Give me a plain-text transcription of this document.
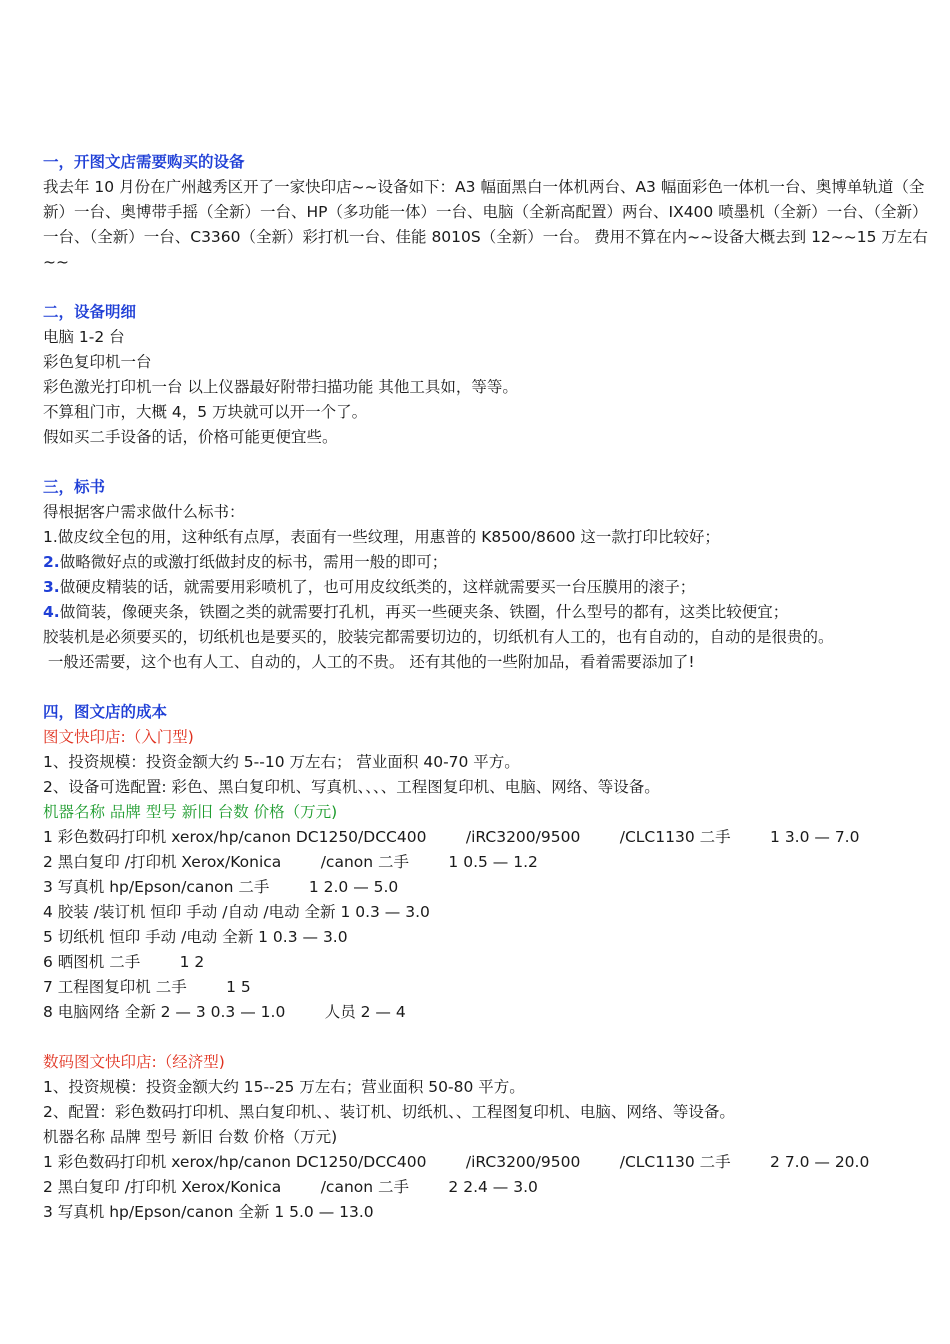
一，开图文店需要购买的设备

我去年 10 月份在广州越秀区开了一家快印店~~设备如下：A3 幅面黑白一体机两台、A3 幅面彩色一体机一台、奥博单轨道（全新）一台、奥博带手摇（全新）一台、HP（多功能一体）一台、电脑（全新高配置）两台、IX400 喷墨机（全新）一台、（全新）一台、（全新）一台、C3360（全新）彩打机一台、佳能 8010S（全新）一台。 费用不算在内~~设备大概去到 12~~15 万左右~~

二，设备明细

电脑 1-2 台

彩色复印机一台

彩色激光打印机一台 以上仪器最好附带扫描功能 其他工具如，等等。

不算租门市，大概 4，5 万块就可以开一个了。

假如买二手设备的话，价格可能更便宜些。

三，标书

得根据客户需求做什么标书：

1.做皮纹全包的用，这种纸有点厚，表面有一些纹理，用惠普的 K8500/8600 这一款打印比较好；

2.做略微好点的或激打纸做封皮的标书，需用一般的即可；

3.做硬皮精装的话，就需要用彩喷机了，也可用皮纹纸类的，这样就需要买一台压膜用的滚子；

4.做简装，像硬夹条，铁圈之类的就需要打孔机，再买一些硬夹条、铁圈，什么型号的都有，这类比较便宜；

胶装机是必须要买的，切纸机也是要买的，胶装完都需要切边的，切纸机有人工的，也有自动的，自动的是很贵的。

一般还需要，这个也有人工、自动的，人工的不贵。 还有其他的一些附加品，看着需要添加了!

四，图文店的成本

图文快印店:（入门型)

1、投资规模：投资金额大约 5--10 万左右； 营业面积 40-70 平方。

2、设备可选配置: 彩色、黑白复印机、写真机、、、、工程图复印机、电脑、网络、等设备。

机器名称 品牌 型号 新旧 台数 价格（万元)

1 彩色数码打印机 xerox/hp/canon DC1250/DCC400        /iRC3200/9500        /CLC1130 二手        1 3.0 — 7.0

2 黑白复印 /打印机 Xerox/Konica        /canon 二手        1 0.5 — 1.2

3 写真机 hp/Epson/canon 二手        1 2.0 — 5.0

4 胶装 /装订机 恒印 手动 /自动 /电动 全新 1 0.3 — 3.0

5 切纸机 恒印 手动 /电动 全新 1 0.3 — 3.0

6 晒图机 二手        1 2

7 工程图复印机 二手        1 5

8 电脑网络 全新 2 — 3 0.3 — 1.0        人员 2 — 4

数码图文快印店:（经济型)

1、投资规模：投资金额大约 15--25 万左右；营业面积 50-80 平方。

2、配置：彩色数码打印机、黑白复印机、、装订机、切纸机、、工程图复印机、电脑、网络、等设备。

机器名称 品牌 型号 新旧 台数 价格（万元)

1 彩色数码打印机 xerox/hp/canon DC1250/DCC400        /iRC3200/9500        /CLC1130 二手        2 7.0 — 20.0

2 黑白复印 /打印机 Xerox/Konica        /canon 二手        2 2.4 — 3.0

3 写真机 hp/Epson/canon 全新 1 5.0 — 13.0
